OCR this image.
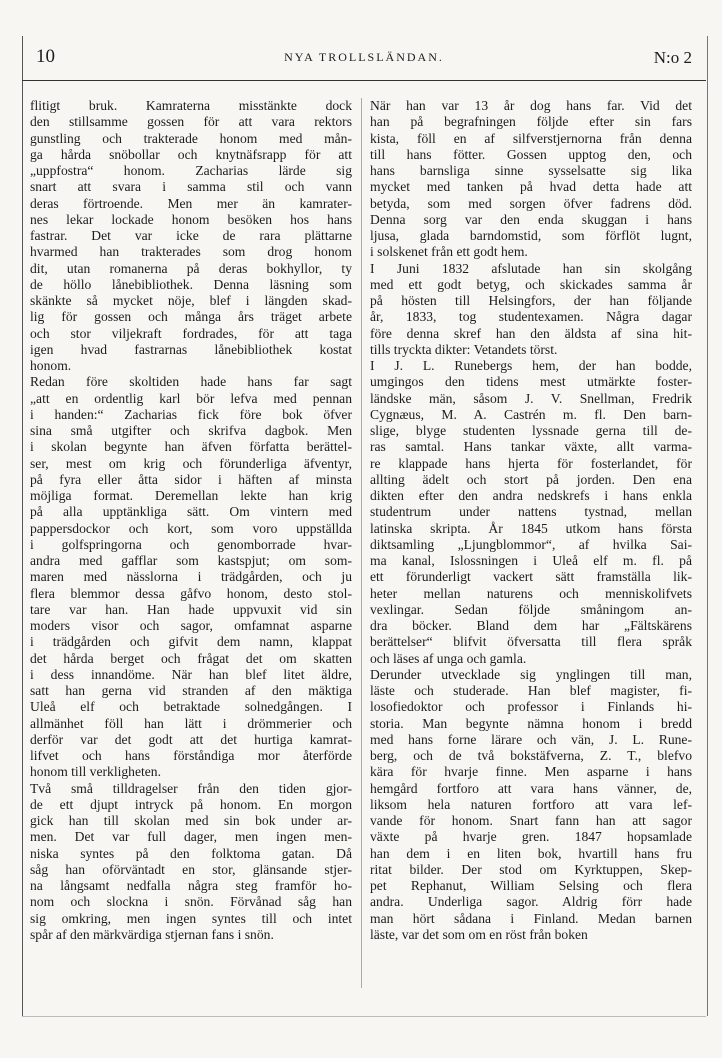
10	NYA TROLLSLÄNDAN.	N:o 2
flitigt bruk. Kamraterna misstänkte dock
den stillsamme gossen för att vara rektors
gunstling och trakterade honom med mån-
ga hårda snöbollar och knytnäfsrapp för att
„uppfostra“ honom. Zacharias lärde sig
snart att svara i samma stil och vann
deras förtroende. Men mer än kamrater-
nes lekar lockade honom besöken hos hans
fastrar. Det var icke de rara plättarne
hvarmed han trakterades som drog honom
dit, utan romanerna på deras bokhyllor, ty
de höllo lånebibliothek. Denna läsning som
skänkte så mycket nöje, blef i längden skad-
lig för gossen och många års träget arbete
och stor viljekraft fordrades, för att taga
igen hvad fastrarnas lånebibliothek kostat
honom.
Redan före skoltiden hade hans far sagt
„att en ordentlig karl bör lefva med pennan
i handen:“ Zacharias fick före bok öfver
sina små utgifter och skrifva dagbok. Men
i skolan begynte han äfven författa berättel-
ser, mest om krig och förunderliga äfventyr,
på fyra eller åtta sidor i häften af minsta
möjliga format. Deremellan lekte han krig
på alla upptänkliga sätt. Om vintern med
pappersdockor och kort, som voro uppställda
i golfspringorna och genomborrade hvar-
andra med gafflar som kastspjut; om som-
maren med nässlorna i trädgården, och ju
flera blemmor dessa gåfvo honom, desto stol-
tare var han. Han hade uppvuxit vid sin
moders visor och sagor, omfamnat asparne
i trädgården och gifvit dem namn, klappat
det hårda berget och frågat det om skatten
i dess innandöme. När han blef litet äldre,
satt han gerna vid stranden af den mäktiga
Uleå elf och betraktade solnedgången. I
allmänhet föll han lätt i drömmerier och
derför var det godt att det hurtiga kamrat-
lifvet och hans förståndiga mor återförde
honom till verkligheten.
Två små tilldragelser från den tiden gjor-
de ett djupt intryck på honom. En morgon
gick han till skolan med sin bok under ar-
men. Det var full dager, men ingen men-
niska syntes på den folktoma gatan. Då
såg han oförväntadt en stor, glänsande stjer-
na långsamt nedfalla några steg framför ho-
nom och slocknа i snön. Förvånad såg han
sig omkring, men ingen syntes till och intet
spår af den märkvärdiga stjernan fans i snön.
När han var 13 år dog hans far. Vid det
han på begrafningen följde efter sin fars
kista, föll en af silfverstjernorna från denna
till hans fötter. Gossen upptog den, och
hans barnsliga sinne sysselsatte sig lika
mycket med tanken på hvad detta hade att
betyda, som med sorgen öfver fadrens död.
Denna sorg var den enda skuggan i hans
ljusa, glada barndomstid, som förflöt lugnt,
i solskenet från ett godt hem.
I Juni 1832 afslutade han sin skolgång
med ett godt betyg, och skickades samma år
på hösten till Helsingfors, der han följande
år, 1833, tog studentexamen. Några dagar
före denna skref han den äldsta af sina hit-
tills tryckta dikter: Vetandets törst.
I J. L. Runebergs hem, der han bodde,
umgingos den tidens mest utmärkte foster-
ländske män, såsom J. V. Snellman, Fredrik
Cygnæus, M. A. Castrén m. fl. Den barn-
slige, blyge studenten lyssnade gerna till de-
ras samtal. Hans tankar växte, allt varma-
re klappade hans hjerta för fosterlandet, för
allting ädelt och stort på jorden. Den ena
dikten efter den andra nedskrefs i hans enkla
studentrum under nattens tystnad, mellan
latinska skripta. År 1845 utkom hans första
diktsamling „Ljungblommor“, af hvilka Sai-
ma kanal, Islossningen i Uleå elf m. fl. på
ett förunderligt vackert sätt framställa lik-
heter mellan naturens och menniskolifvets
vexlingar. Sedan följde småningom an-
dra böcker. Bland dem har „Fältskärens
berättelser“ blifvit öfversatta till flera språk
och läses af unga och gamla.
Derunder utvecklade sig ynglingen till man,
läste och studerade. Han blef magister, fi-
losofiedoktor och professor i Finlands hi-
storia. Man begynte nämna honom i bredd
med hans forne lärare och vän, J. L. Rune-
berg, och de två bokstäfverna, Z. T., blefvo
kära för hvarje finne. Men asparne i hans
hemgård fortforo att vara hans vänner, de,
liksom hela naturen fortforo att vara lef-
vande för honom. Snart fann han att sagor
växte på hvarje gren. 1847 hopsamlade
han dem i en liten bok, hvartill hans fru
ritat bilder. Der stod om Kyrktuppen, Skep-
pet Rephanut, William Selsing och flera
andra. Underliga sagor. Aldrig förr hade
man hört sådana i Finland. Medan barnen
läste, var det som om en röst från boken
